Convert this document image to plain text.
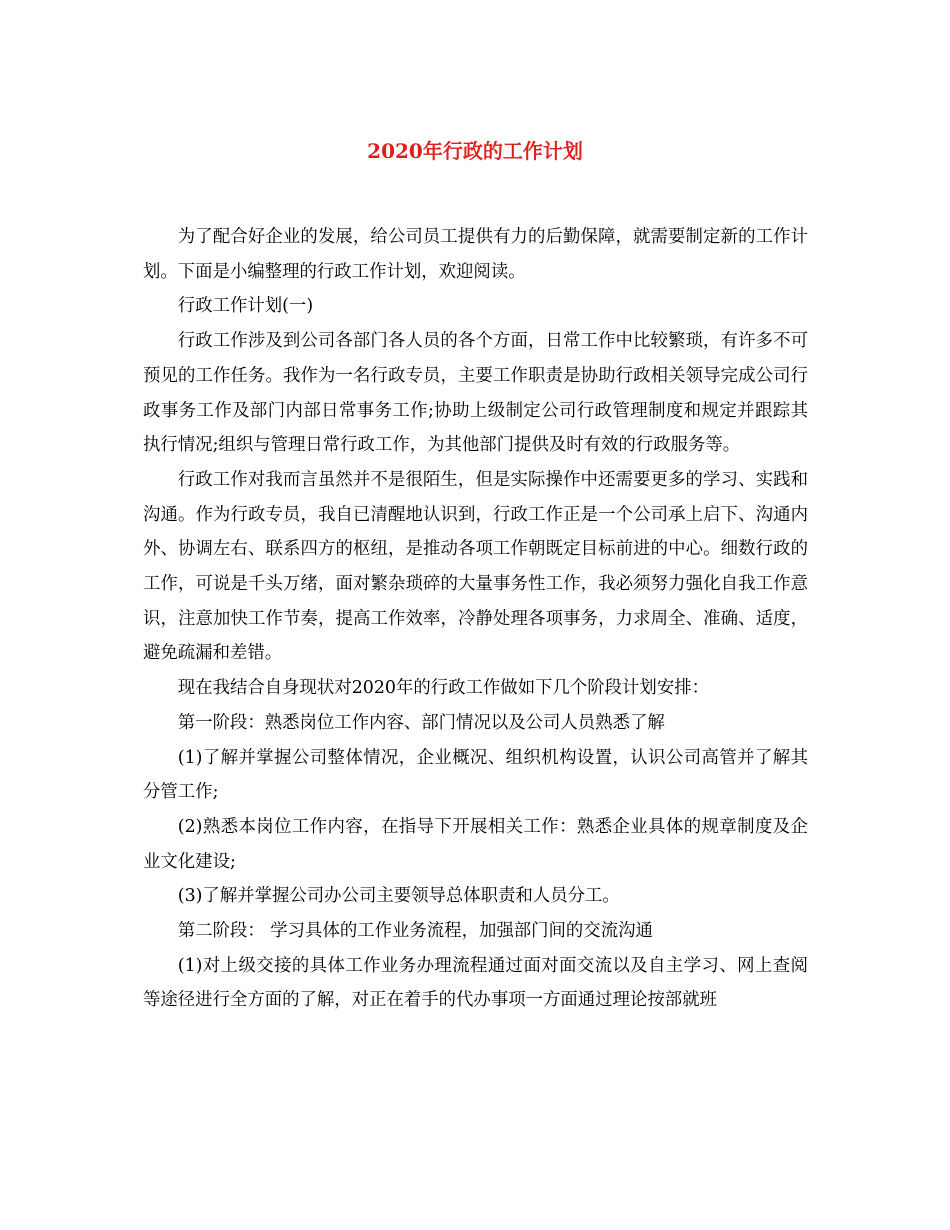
2020年行政的工作计划

为了配合好企业的发展，给公司员工提供有力的后勤保障，就需要制定新的工作计划。下面是小编整理的行政工作计划，欢迎阅读。

行政工作计划(一)

行政工作涉及到公司各部门各人员的各个方面，日常工作中比较繁琐，有许多不可预见的工作任务。我作为一名行政专员，主要工作职责是协助行政相关领导完成公司行政事务工作及部门内部日常事务工作;协助上级制定公司行政管理制度和规定并跟踪其执行情况;组织与管理日常行政工作，为其他部门提供及时有效的行政服务等。

行政工作对我而言虽然并不是很陌生，但是实际操作中还需要更多的学习、实践和沟通。作为行政专员，我自已清醒地认识到，行政工作正是一个公司承上启下、沟通内外、协调左右、联系四方的枢纽，是推动各项工作朝既定目标前进的中心。细数行政的工作，可说是千头万绪，面对繁杂琐碎的大量事务性工作，我必须努力强化自我工作意识，注意加快工作节奏，提高工作效率，冷静处理各项事务，力求周全、准确、适度，避免疏漏和差错。

现在我结合自身现状对2020年的行政工作做如下几个阶段计划安排：

第一阶段：熟悉岗位工作内容、部门情况以及公司人员熟悉了解

(1)了解并掌握公司整体情况，企业概况、组织机构设置，认识公司高管并了解其分管工作;

(2)熟悉本岗位工作内容，在指导下开展相关工作：熟悉企业具体的规章制度及企业文化建设;

(3)了解并掌握公司办公司主要领导总体职责和人员分工。

第二阶段： 学习具体的工作业务流程，加强部门间的交流沟通

(1)对上级交接的具体工作业务办理流程通过面对面交流以及自主学习、网上查阅等途径进行全方面的了解，对正在着手的代办事项一方面通过理论按部就班
